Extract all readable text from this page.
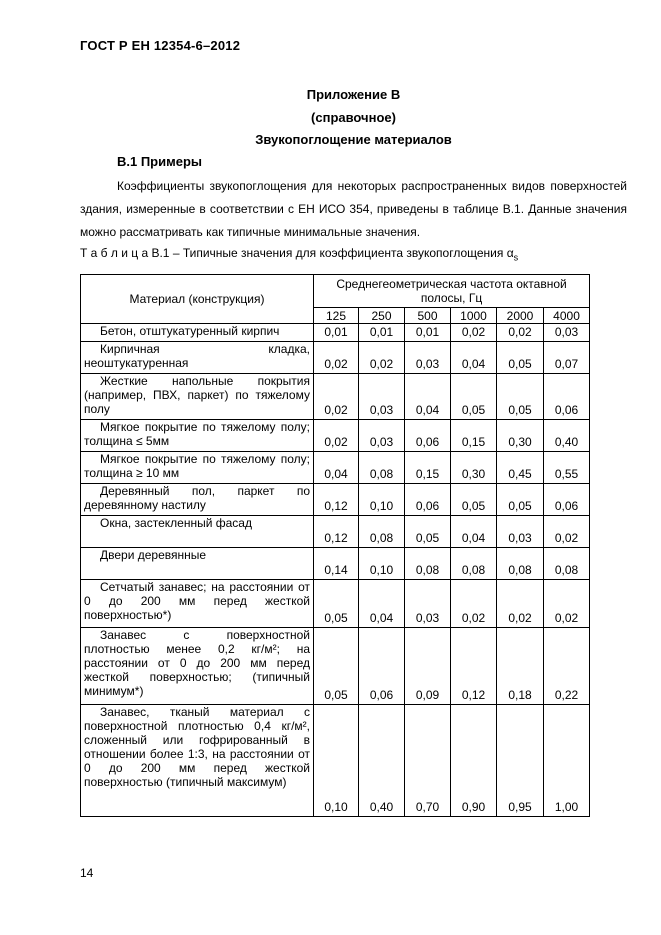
ГОСТ Р ЕН 12354-6–2012
Приложение В
(справочное)
Звукопоглощение материалов
В.1 Примеры
Коэффициенты звукопоглощения для некоторых распространенных видов поверхностей здания, измеренные в соответствии с ЕН ИСО 354, приведены в таблице В.1. Данные значения можно рассматривать как типичные минимальные значения.
Т а б л и ц а В.1 – Типичные значения для коэффициента звукопоглощения $\alpha_s$
Материал (конструкция)	Среднегеометрическая частота октавной полосы, Гц					
	125	250	500	1000	2000	4000
Бетон, отштукатуренный кирпич	0,01	0,01	0,01	0,02	0,02	0,03
Кирпичная кладка, неоштукатуренная	0,02	0,02	0,03	0,04	0,05	0,07
Жесткие напольные покрытия (например, ПВХ, паркет) по тяжелому полу	0,02	0,03	0,04	0,05	0,05	0,06
Мягкое покрытие по тяжелому полу; толщина ≤ 5мм	0,02	0,03	0,06	0,15	0,30	0,40
Мягкое покрытие по тяжелому полу; толщина ≥ 10 мм	0,04	0,08	0,15	0,30	0,45	0,55
Деревянный пол, паркет по деревянному настилу	0,12	0,10	0,06	0,05	0,05	0,06
Окна, застекленный фасад	0,12	0,08	0,05	0,04	0,03	0,02
Двери деревянные	0,14	0,10	0,08	0,08	0,08	0,08
Сетчатый занавес; на расстоянии от 0 до 200 мм перед жесткой поверхностью*)	0,05	0,04	0,03	0,02	0,02	0,02
Занавес с поверхностной плотностью менее 0,2 кг/м²; на расстоянии от 0 до 200 мм перед жесткой поверхностью; (типичный минимум*)	0,05	0,06	0,09	0,12	0,18	0,22
Занавес, тканый материал с поверхностной плотностью 0,4 кг/м², сложенный или гофрированный в отношении более 1:3, на расстоянии от 0 до 200 мм перед жесткой поверхностью (типичный максимум)	0,10	0,40	0,70	0,90	0,95	1,00
14
